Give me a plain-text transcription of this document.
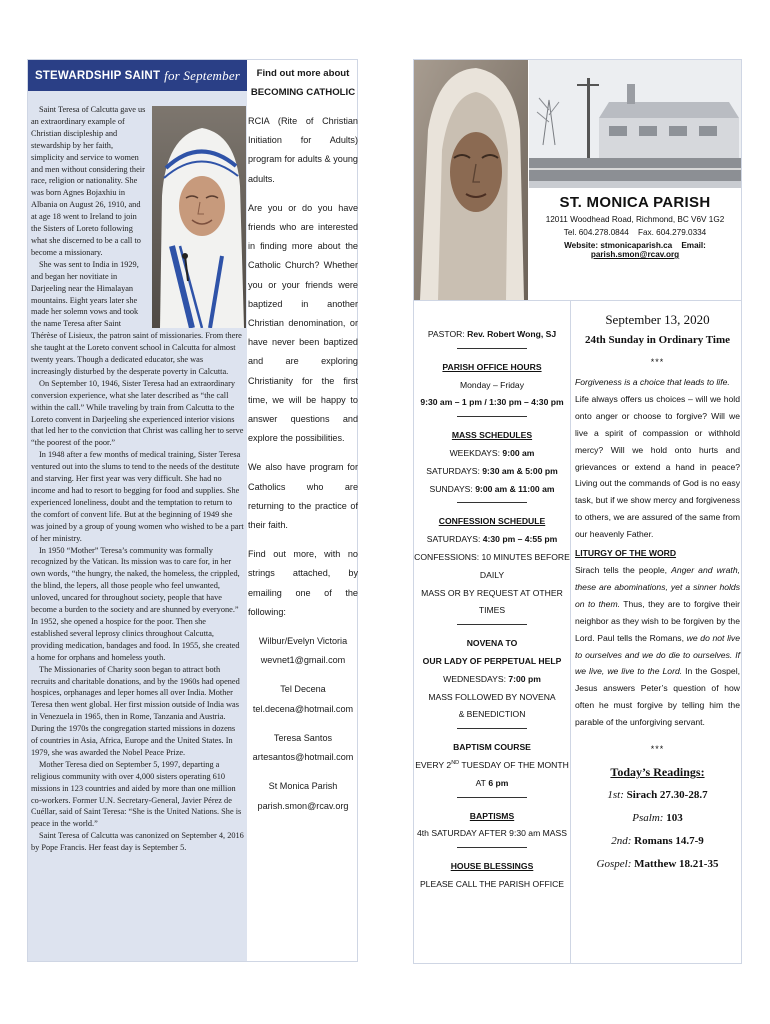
STEWARDSHIP SAINT for September

Saint Teresa of Calcutta gave us an extraordinary example of Christian discipleship and stewardship by her faith, simplicity and service to women and men without considering their race, religion or nationality. She was born Agnes Bojaxhiu in Albania on August 26, 1910, and at age 18 went to Ireland to join the Sisters of Loreto following what she discerned to be a call to become a missionary.

She was sent to India in 1929, and began her novitiate in Darjeeling near the Himalayan mountains. Eight years later she made her solemn vows and took the name Teresa after Saint Thérèse of Lisieux, the patron saint of missionaries. From there she taught at the Loreto convent school in Calcutta for almost twenty years. Though a dedicated educator, she was increasingly disturbed by the desperate poverty in Calcutta.

On September 10, 1946, Sister Teresa had an extraordinary conversion experience, what she later described as “the call within the call.” While traveling by train from Calcutta to the Loreto convent in Darjeeling she experienced interior visions that led her to the conviction that Christ was calling her to serve “the poorest of the poor.”

In 1948 after a few months of medical training, Sister Teresa ventured out into the slums to tend to the needs of the destitute and starving. Her first year was very difficult. She had no income and had to resort to begging for food and supplies. She experienced loneliness, doubt and the temptation to return to the comfort of convent life. But at the beginning of 1949 she was joined by a group of young women who wished to be a part of her ministry.

In 1950 “Mother” Teresa’s community was formally recognized by the Vatican. Its mission was to care for, in her own words, “the hungry, the naked, the homeless, the crippled, the blind, the lepers, all those people who feel unwanted, unloved, uncared for throughout society, people that have become a burden to the society and are shunned by everyone.” In 1952, she opened a hospice for the poor. Then she established several leprosy clinics throughout Calcutta, providing medication, bandages and food. In 1955, she created a home for orphans and homeless youth.

The Missionaries of Charity soon began to attract both recruits and charitable donations, and by the 1960s had opened hospices, orphanages and leper homes all over India. Mother Teresa then went global. Her first mission outside of India was in Venezuela in 1965, then in Rome, Tanzania and Austria. During the 1970s the congregation started missions in dozens of countries in Asia, Africa, Europe and the United States. In 1979, she was awarded the Nobel Peace Prize.

Mother Teresa died on September 5, 1997, departing a religious community with over 4,000 sisters operating 610 missions in 123 countries and aided by more than one million co-workers. Former U.N. Secretary-General, Javier Pérez de Cuéllar, said of Saint Teresa: “She is the United Nations. She is peace in the world.”

Saint Teresa of Calcutta was canonized on September 4, 2016 by Pope Francis. Her feast day is September 5.

Find out more about
BECOMING CATHOLIC

RCIA (Rite of Christian Initiation for Adults) program for adults & young adults.

Are you or do you have friends who are interested in finding more about the Catholic Church? Whether you or your friends were baptized in another Christian denomination, or have never been baptized and are exploring Christianity for the first time, we will be happy to answer questions and explore the possibilities.

We also have program for Catholics who are returning to the practice of their faith.

Find out more, with no strings attached, by emailing one of the following:

Wilbur/Evelyn Victoria

wevnet1@gmail.com

Tel Decena

tel.decena@hotmail.com

Teresa Santos

artesantos@hotmail.com

St Monica Parish

parish.smon@rcav.org

ST. MONICA PARISH
12011 Woodhead Road, Richmond, BC V6V 1G2
Tel. 604.278.0844 Fax. 604.279.0334
Website: stmonicaparish.ca Email: parish.smon@rcav.org
PASTOR: Rev. Robert Wong, SJ
PARISH OFFICE HOURS
Monday – Friday
9:30 am – 1 pm / 1:30 pm – 4:30 pm
MASS SCHEDULES
WEEKDAYS: 9:00 am
SATURDAYS: 9:30 am & 5:00 pm
SUNDAYS: 9:00 am & 11:00 am
CONFESSION SCHEDULE
SATURDAYS: 4:30 pm – 4:55 pm
CONFESSIONS: 10 MINUTES BEFORE DAILY
MASS OR BY REQUEST AT OTHER TIMES
NOVENA TO
OUR LADY OF PERPETUAL HELP
WEDNESDAYS: 7:00 pm
MASS FOLLOWED BY NOVENA
& BENEDICTION
BAPTISM COURSE
EVERY 2ND TUESDAY OF THE MONTH AT 6 pm
BAPTISMS
4th SATURDAY AFTER 9:30 am MASS
HOUSE BLESSINGS
PLEASE CALL THE PARISH OFFICE
September 13, 2020
24th Sunday in Ordinary Time
***

Forgiveness is a choice that leads to life.

Life always offers us choices – will we hold onto anger or choose to forgive? Will we live a spirit of compassion or withhold mercy? Will we hold onto hurts and grievances or extend a hand in peace? Living out the commands of God is no easy task, but if we show mercy and forgiveness to others, we are assured of the same from our heavenly Father.

LITURGY OF THE WORD

Sirach tells the people, Anger and wrath, these are abominations, yet a sinner holds on to them. Thus, they are to forgive their neighbor as they wish to be forgiven by the Lord. Paul tells the Romans, we do not live to ourselves and we do die to ourselves. If we live, we live to the Lord. In the Gospel, Jesus answers Peter’s question of how often he must forgive by telling him the parable of the unforgiving servant.

***
Today’s Readings:
1st: Sirach 27.30-28.7
Psalm: 103
2nd: Romans 14.7-9
Gospel: Matthew 18.21-35
